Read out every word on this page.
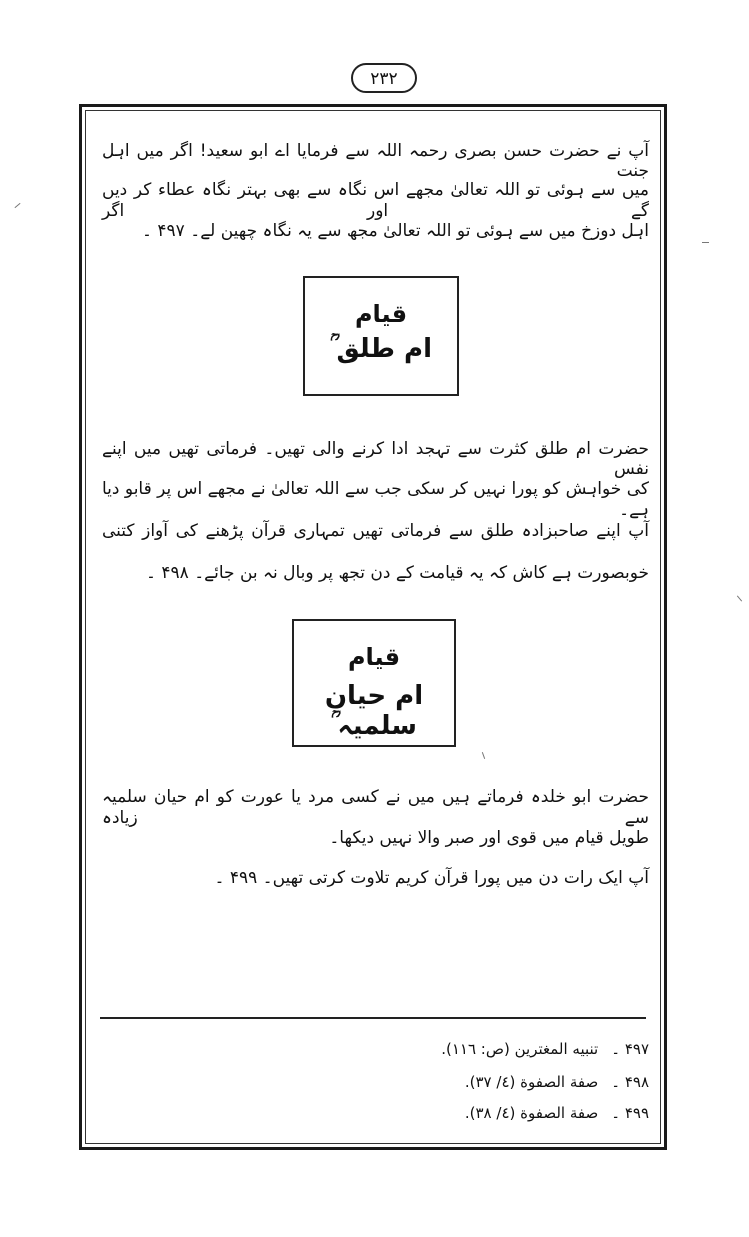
۲۳۲
آپ نے حضرت حسن بصری رحمہ اللہ سے فرمایا اے ابو سعید! اگر میں اہل جنت
میں سے ہوئی تو اللہ تعالیٰ مجھے اس نگاہ سے بھی بہتر نگاہ عطاء کر دیں گے اور اگر
اہل دوزخ میں سے ہوئی تو اللہ تعالیٰ مجھ سے یہ نگاہ چھین لے۔ ۴۹۷ ۔
قیام
ام طلق ؒ
حضرت ام طلق کثرت سے تہجد ادا کرنے والی تھیں۔ فرماتی تھیں میں اپنے نفس
کی خواہش کو پورا نہیں کر سکی جب سے اللہ تعالیٰ نے مجھے اس پر قابو دیا ہے۔
آپ اپنے صاحبزادہ طلق سے فرماتی تھیں تمہاری قرآن پڑھنے کی آواز کتنی
خوبصورت ہے کاش کہ یہ قیامت کے دن تجھ پر وبال نہ بن جائے۔ ۴۹۸ ۔
قیام
ام حیان سلمیہ ؒ
حضرت ابو خلدہ فرماتے ہیں میں نے کسی مرد یا عورت کو ام حیان سلمیہ سے زیادہ
طویل قیام میں قوی اور صبر والا نہیں دیکھا۔
آپ ایک رات دن میں پورا قرآن کریم تلاوت کرتی تھیں۔ ۴۹۹ ۔
۴۹۷ ۔ تنبيه المغترين (ص: ١١٦).
۴۹۸ ۔ صفة الصفوة (٤/ ٣٧).
۴۹۹ ۔ صفة الصفوة (٤/ ٣٨).
